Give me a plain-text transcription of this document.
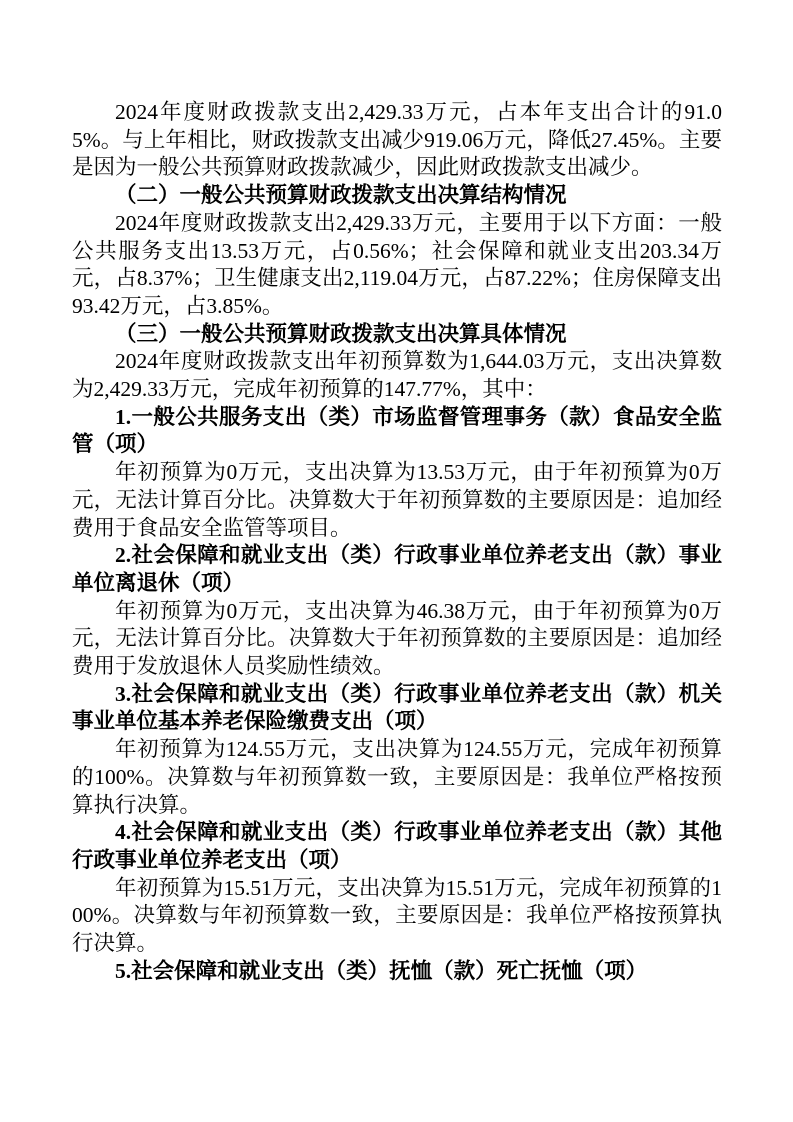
2024年度财政拨款支出2,429.33万元，占本年支出合计的91.05%。与上年相比，财政拨款支出减少919.06万元，降低27.45%。主要是因为一般公共预算财政拨款减少，因此财政拨款支出减少。

（二）一般公共预算财政拨款支出决算结构情况

2024年度财政拨款支出2,429.33万元，主要用于以下方面：一般公共服务支出13.53万元，占0.56%；社会保障和就业支出203.34万元，占8.37%；卫生健康支出2,119.04万元，占87.22%；住房保障支出93.42万元，占3.85%。

（三）一般公共预算财政拨款支出决算具体情况

2024年度财政拨款支出年初预算数为1,644.03万元，支出决算数为2,429.33万元，完成年初预算的147.77%，其中：

1.一般公共服务支出（类）市场监督管理事务（款）食品安全监管（项）

年初预算为0万元，支出决算为13.53万元，由于年初预算为0万元，无法计算百分比。决算数大于年初预算数的主要原因是：追加经费用于食品安全监管等项目。

2.社会保障和就业支出（类）行政事业单位养老支出（款）事业单位离退休（项）

年初预算为0万元，支出决算为46.38万元，由于年初预算为0万元，无法计算百分比。决算数大于年初预算数的主要原因是：追加经费用于发放退休人员奖励性绩效。

3.社会保障和就业支出（类）行政事业单位养老支出（款）机关事业单位基本养老保险缴费支出（项）

年初预算为124.55万元，支出决算为124.55万元，完成年初预算的100%。决算数与年初预算数一致，主要原因是：我单位严格按预算执行决算。

4.社会保障和就业支出（类）行政事业单位养老支出（款）其他行政事业单位养老支出（项）

年初预算为15.51万元，支出决算为15.51万元，完成年初预算的100%。决算数与年初预算数一致，主要原因是：我单位严格按预算执行决算。

5.社会保障和就业支出（类）抚恤（款）死亡抚恤（项）
